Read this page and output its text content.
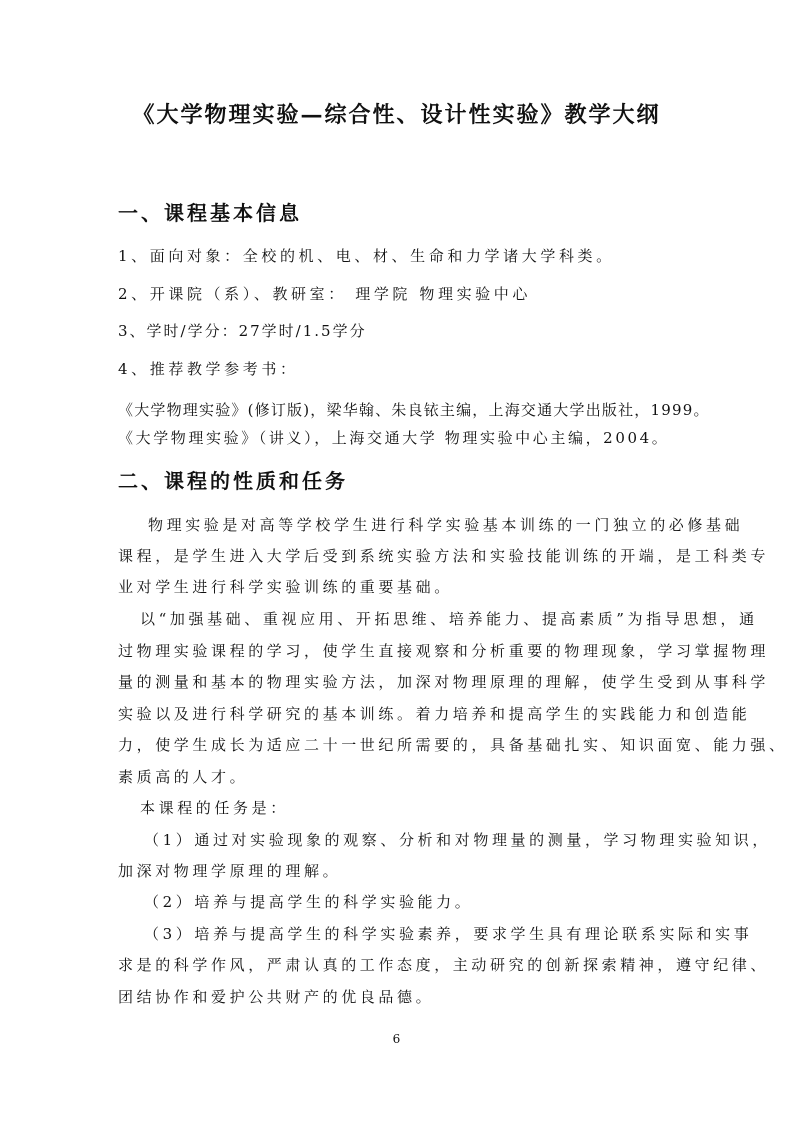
《大学物理实验—综合性、设计性实验》教学大纲
一、课程基本信息
1、面向对象：全校的机、电、材、生命和力学诸大学科类。
2、开课院（系）、教研室： 理学院 物理实验中心
3、学时/学分：27学时/1.5学分
4、推荐教学参考书：
《大学物理实验》(修订版)，梁华翰、朱良铱主编，上海交通大学出版社，1999。
《大学物理实验》（讲义），上海交通大学 物理实验中心主编，2004。
二、课程的性质和任务
物理实验是对高等学校学生进行科学实验基本训练的一门独立的必修基础
课程，是学生进入大学后受到系统实验方法和实验技能训练的开端，是工科类专
业对学生进行科学实验训练的重要基础。
以“加强基础、重视应用、开拓思维、培养能力、提高素质”为指导思想，通
过物理实验课程的学习，使学生直接观察和分析重要的物理现象，学习掌握物理
量的测量和基本的物理实验方法，加深对物理原理的理解，使学生受到从事科学
实验以及进行科学研究的基本训练。着力培养和提高学生的实践能力和创造能
力，使学生成长为适应二十一世纪所需要的，具备基础扎实、知识面宽、能力强、
素质高的人才。
本课程的任务是：
（1）通过对实验现象的观察、分析和对物理量的测量，学习物理实验知识，
加深对物理学原理的理解。
（2）培养与提高学生的科学实验能力。
（3）培养与提高学生的科学实验素养，要求学生具有理论联系实际和实事
求是的科学作风，严肃认真的工作态度，主动研究的创新探索精神，遵守纪律、
团结协作和爱护公共财产的优良品德。
6
